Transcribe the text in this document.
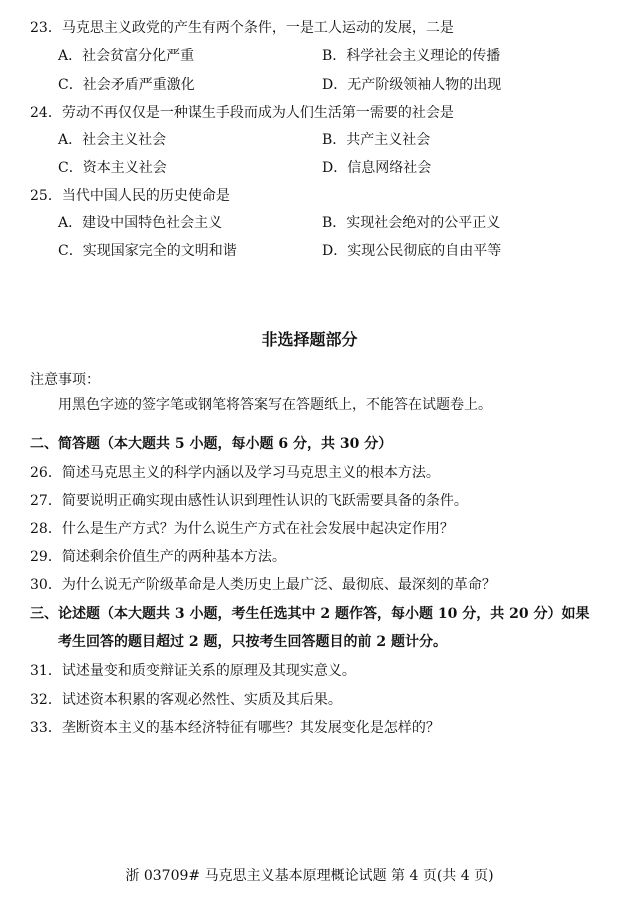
23．马克思主义政党的产生有两个条件，一是工人运动的发展，二是
A．社会贫富分化严重	B．科学社会主义理论的传播
C．社会矛盾严重激化	D．无产阶级领袖人物的出现
24．劳动不再仅仅是一种谋生手段而成为人们生活第一需要的社会是
A．社会主义社会	B．共产主义社会
C．资本主义社会	D．信息网络社会
25．当代中国人民的历史使命是
A．建设中国特色社会主义	B．实现社会绝对的公平正义
C．实现国家完全的文明和谐	D．实现公民彻底的自由平等
非选择题部分
注意事项：
用黑色字迹的签字笔或钢笔将答案写在答题纸上，不能答在试题卷上。
二、简答题（本大题共 5 小题，每小题 6 分，共 30 分）
26．简述马克思主义的科学内涵以及学习马克思主义的根本方法。
27．简要说明正确实现由感性认识到理性认识的飞跃需要具备的条件。
28．什么是生产方式？为什么说生产方式在社会发展中起决定作用？
29．简述剩余价值生产的两种基本方法。
30．为什么说无产阶级革命是人类历史上最广泛、最彻底、最深刻的革命？
三、论述题（本大题共 3 小题，考生任选其中 2 题作答，每小题 10 分，共 20 分）如果
考生回答的题目超过 2 题，只按考生回答题目的前 2 题计分。
31．试述量变和质变辩证关系的原理及其现实意义。
32．试述资本积累的客观必然性、实质及其后果。
33．垄断资本主义的基本经济特征有哪些？其发展变化是怎样的？
浙 03709# 马克思主义基本原理概论试题 第 4 页(共 4 页)
